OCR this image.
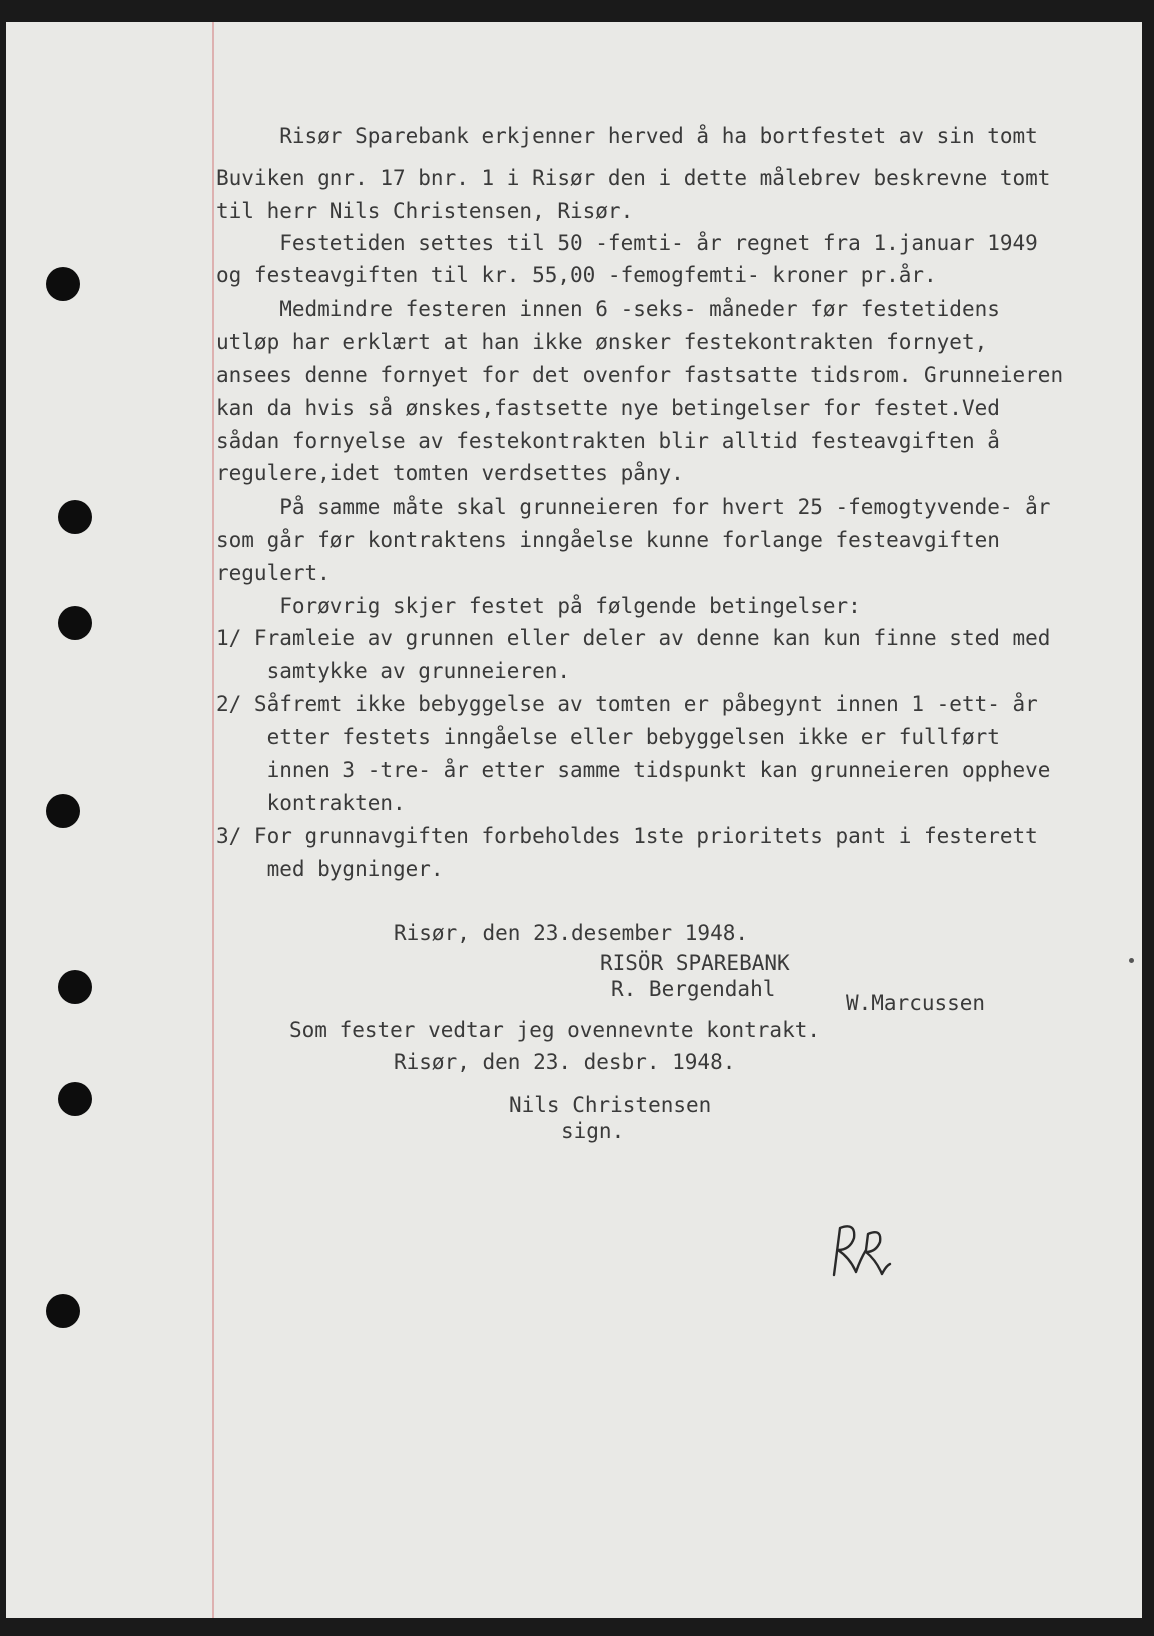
Risør Sparebank erkjenner herved å ha bortfestet av sin tomt

Buviken gnr. 17 bnr. 1 i Risør den i dette målebrev beskrevne tomt

til herr Nils Christensen, Risør.

Festetiden settes til 50 -femti- år regnet fra 1.januar 1949

og festeavgiften til kr. 55,00 -femogfemti- kroner pr.år.

Medmindre festeren innen 6 -seks- måneder før festetidens

utløp har erklært at han ikke ønsker festekontrakten fornyet,

ansees denne fornyet for det ovenfor fastsatte tidsrom. Grunneieren

kan da hvis så ønskes,fastsette nye betingelser for festet.Ved

sådan fornyelse av festekontrakten blir alltid festeavgiften å

regulere,idet tomten verdsettes påny.

På samme måte skal grunneieren for hvert 25 -femogtyvende- år

som går før kontraktens inngåelse kunne forlange festeavgiften

regulert.

Forøvrig skjer festet på følgende betingelser:

1/ Framleie av grunnen eller deler av denne kan kun finne sted med

samtykke av grunneieren.

2/ Såfremt ikke bebyggelse av tomten er påbegynt innen 1 -ett- år

etter festets inngåelse eller bebyggelsen ikke er fullført

innen 3 -tre- år etter samme tidspunkt kan grunneieren oppheve

kontrakten.

3/ For grunnavgiften forbeholdes 1ste prioritets pant i festerett

med bygninger.

Risør, den 23.desember 1948.

RISÖR SPAREBANK

R. Bergendahl

W.Marcussen

Som fester vedtar jeg ovennevnte kontrakt.

Risør, den 23. desbr. 1948.

Nils Christensen

sign.
